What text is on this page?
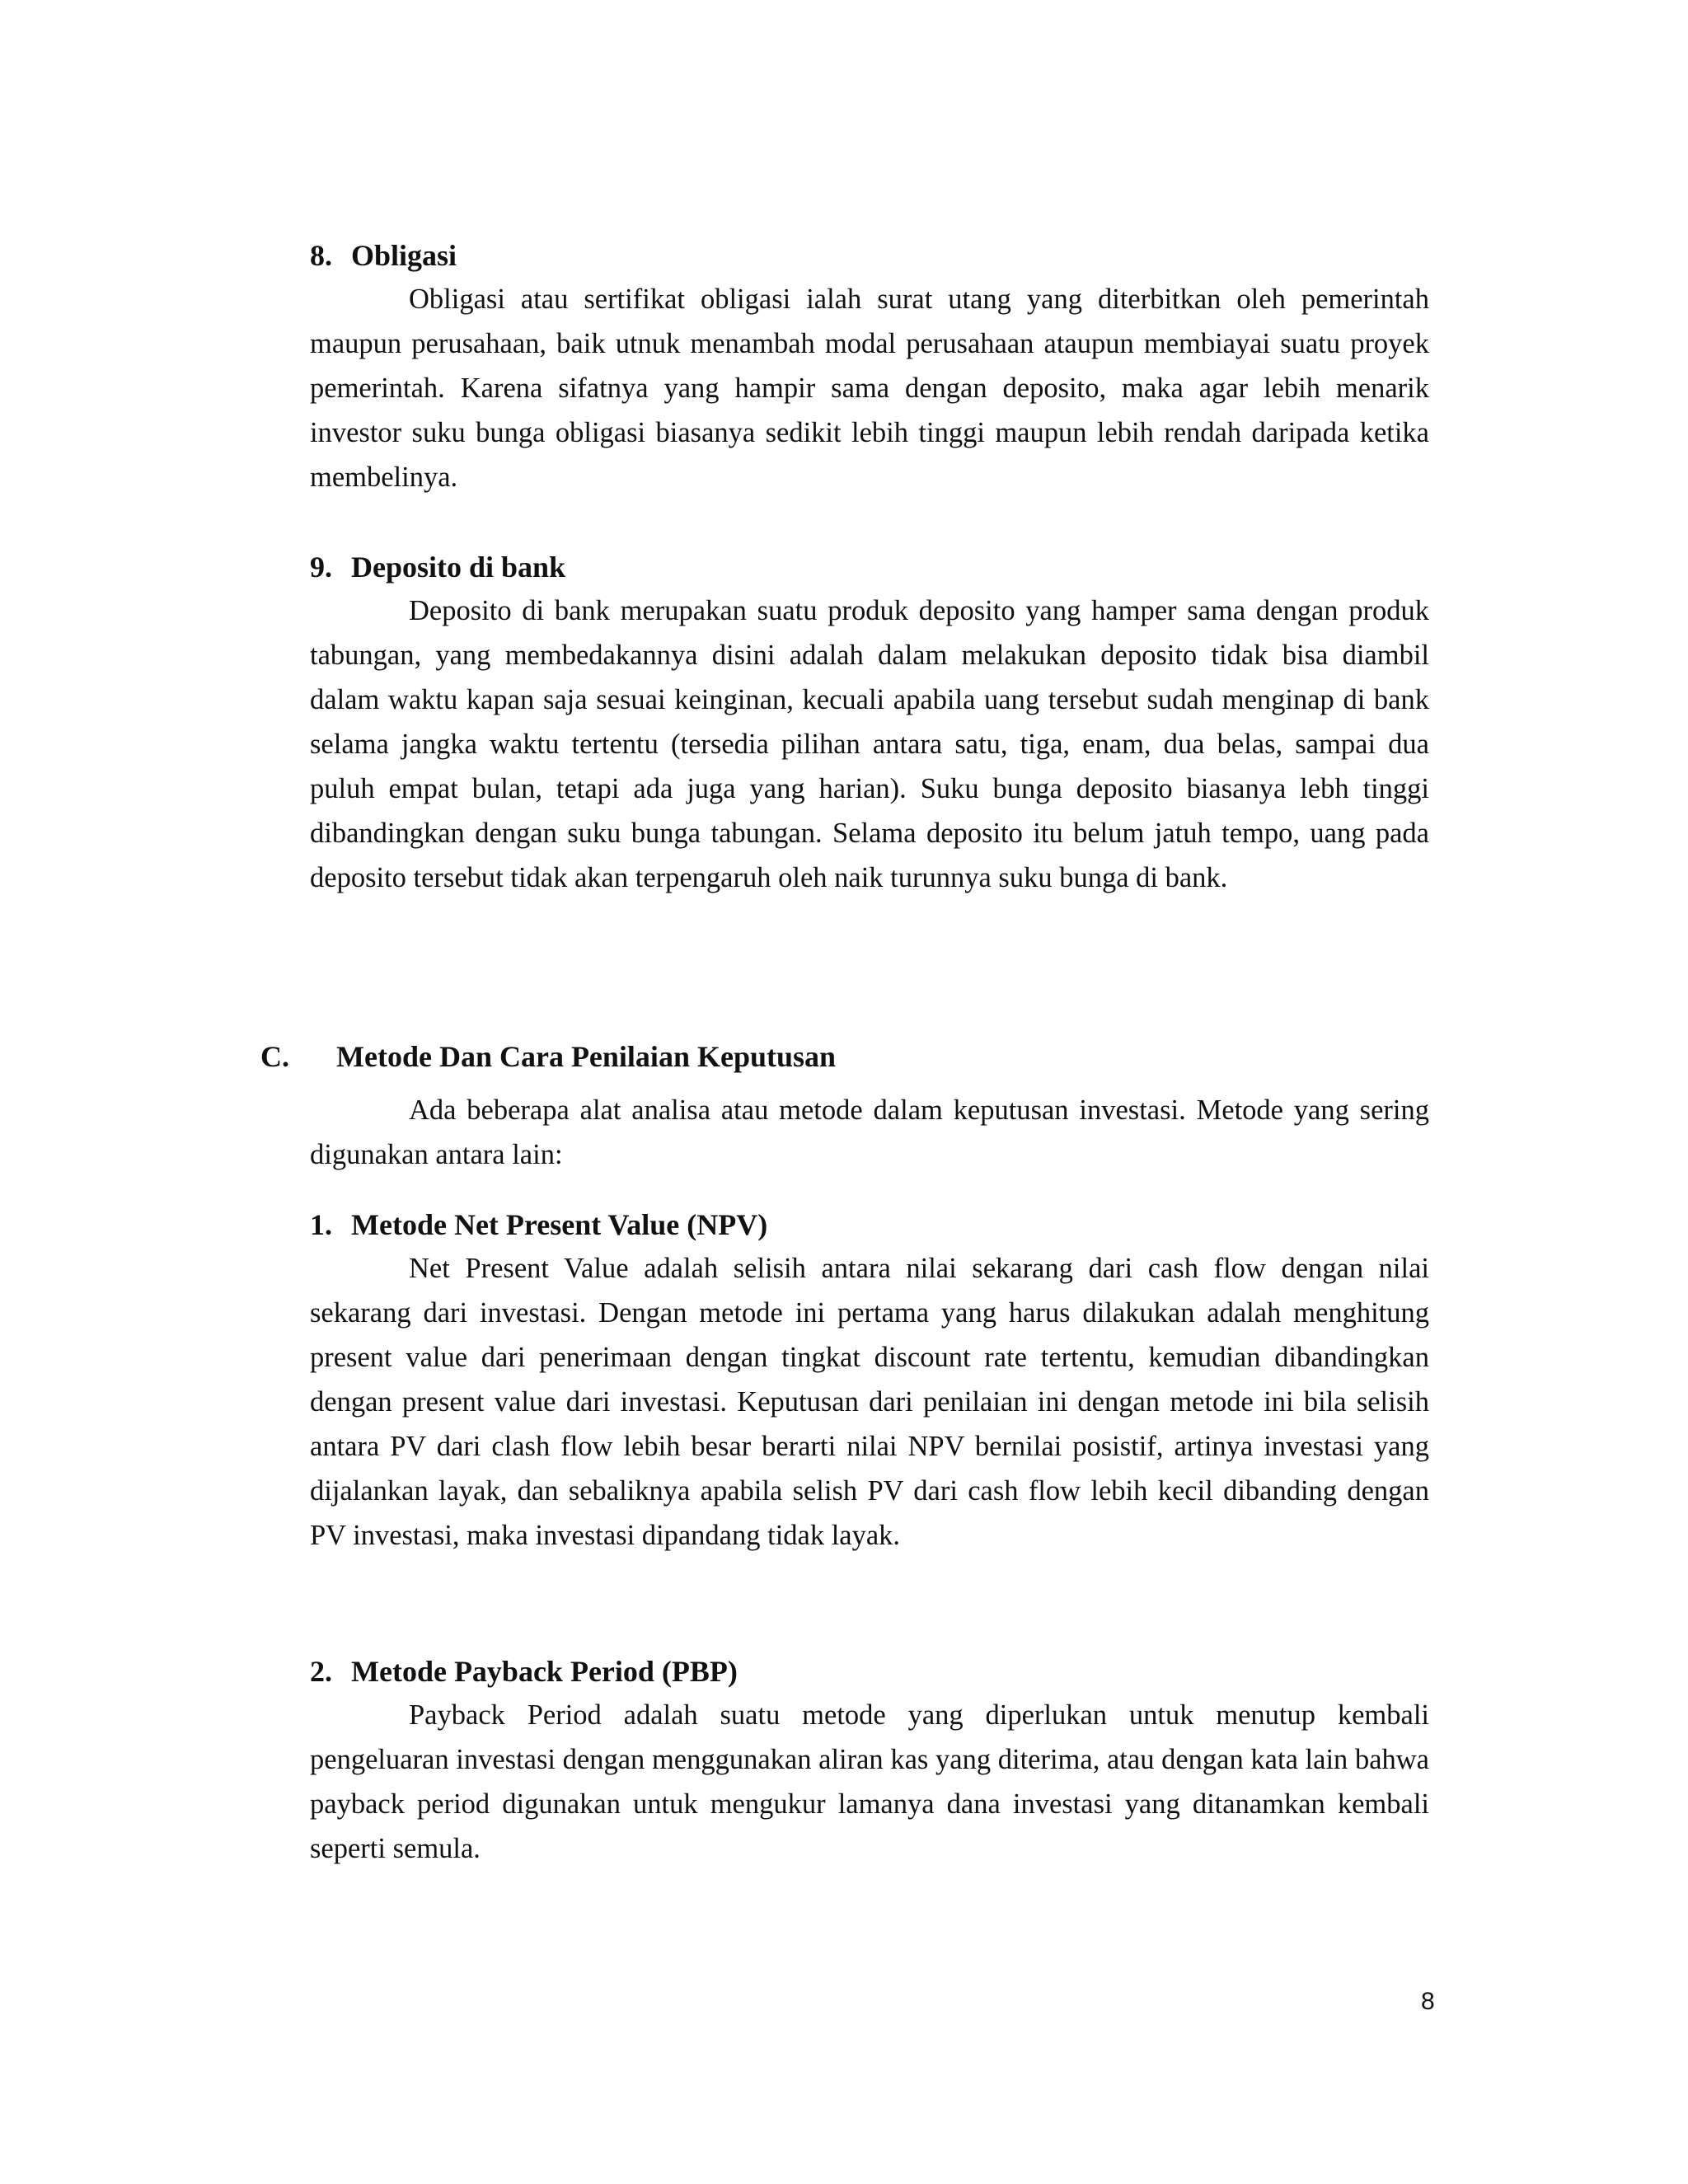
8. Obligasi

Obligasi atau sertifikat obligasi ialah surat utang yang diterbitkan oleh pemerintah maupun perusahaan, baik utnuk menambah modal perusahaan ataupun membiayai suatu proyek pemerintah. Karena sifatnya yang hampir sama dengan deposito, maka agar lebih menarik investor suku bunga obligasi biasanya sedikit lebih tinggi maupun lebih rendah daripada ketika membelinya.

9. Deposito di bank

Deposito di bank merupakan suatu produk deposito yang hamper sama dengan produk tabungan, yang membedakannya disini adalah dalam melakukan deposito tidak bisa diambil dalam waktu kapan saja sesuai keinginan, kecuali apabila uang tersebut sudah menginap di bank selama jangka waktu tertentu (tersedia pilihan antara satu, tiga, enam, dua belas, sampai dua puluh empat bulan, tetapi ada juga yang harian). Suku bunga deposito biasanya lebh tinggi dibandingkan dengan suku bunga tabungan. Selama deposito itu belum jatuh tempo, uang pada deposito tersebut tidak akan terpengaruh oleh naik turunnya suku bunga di bank.

C. Metode Dan Cara Penilaian Keputusan

Ada beberapa alat analisa atau metode dalam keputusan investasi. Metode yang sering digunakan antara lain:

1. Metode Net Present Value (NPV)

Net Present Value adalah selisih antara nilai sekarang dari cash flow dengan nilai sekarang dari investasi. Dengan metode ini pertama yang harus dilakukan adalah menghitung present value dari penerimaan dengan tingkat discount rate tertentu, kemudian dibandingkan dengan present value dari investasi. Keputusan dari penilaian ini dengan metode ini bila selisih antara PV dari clash flow lebih besar berarti nilai NPV bernilai posistif, artinya investasi yang dijalankan layak, dan sebaliknya apabila selish PV dari cash flow lebih kecil dibanding dengan PV investasi, maka investasi dipandang tidak layak.

2. Metode Payback Period (PBP)

Payback Period adalah suatu metode yang diperlukan untuk menutup kembali pengeluaran investasi dengan menggunakan aliran kas yang diterima, atau dengan kata lain bahwa payback period digunakan untuk mengukur lamanya dana investasi yang ditanamkan kembali seperti semula.

8
